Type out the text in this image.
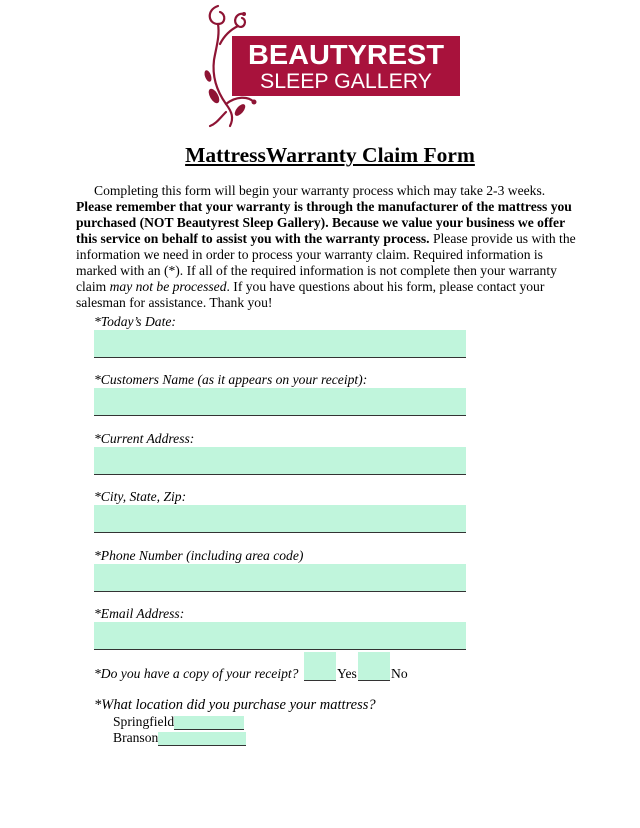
BEAUTYREST
SLEEP GALLERY
MattressWarranty Claim Form

Completing this form will begin your warranty process which may take 2-3 weeks. Please remember that your warranty is through the manufacturer of the mattress you purchased (NOT Beautyrest Sleep Gallery). Because we value your business we offer this service on behalf to assist you with the warranty process. Please provide us with the information we need in order to process your warranty claim. Required information is marked with an (*). If all of the required information is not complete then your warranty claim may not be processed. If you have questions about his form, please contact your salesman for assistance. Thank you!

*Today’s Date:
*Customers Name (as it appears on your receipt):
*Current Address:
*City, State, Zip:
*Phone Number (including area code)
*Email Address:
*Do you have a copy of your receipt?	Yes	No
*What location did you purchase your mattress?
Springfield
Branson
